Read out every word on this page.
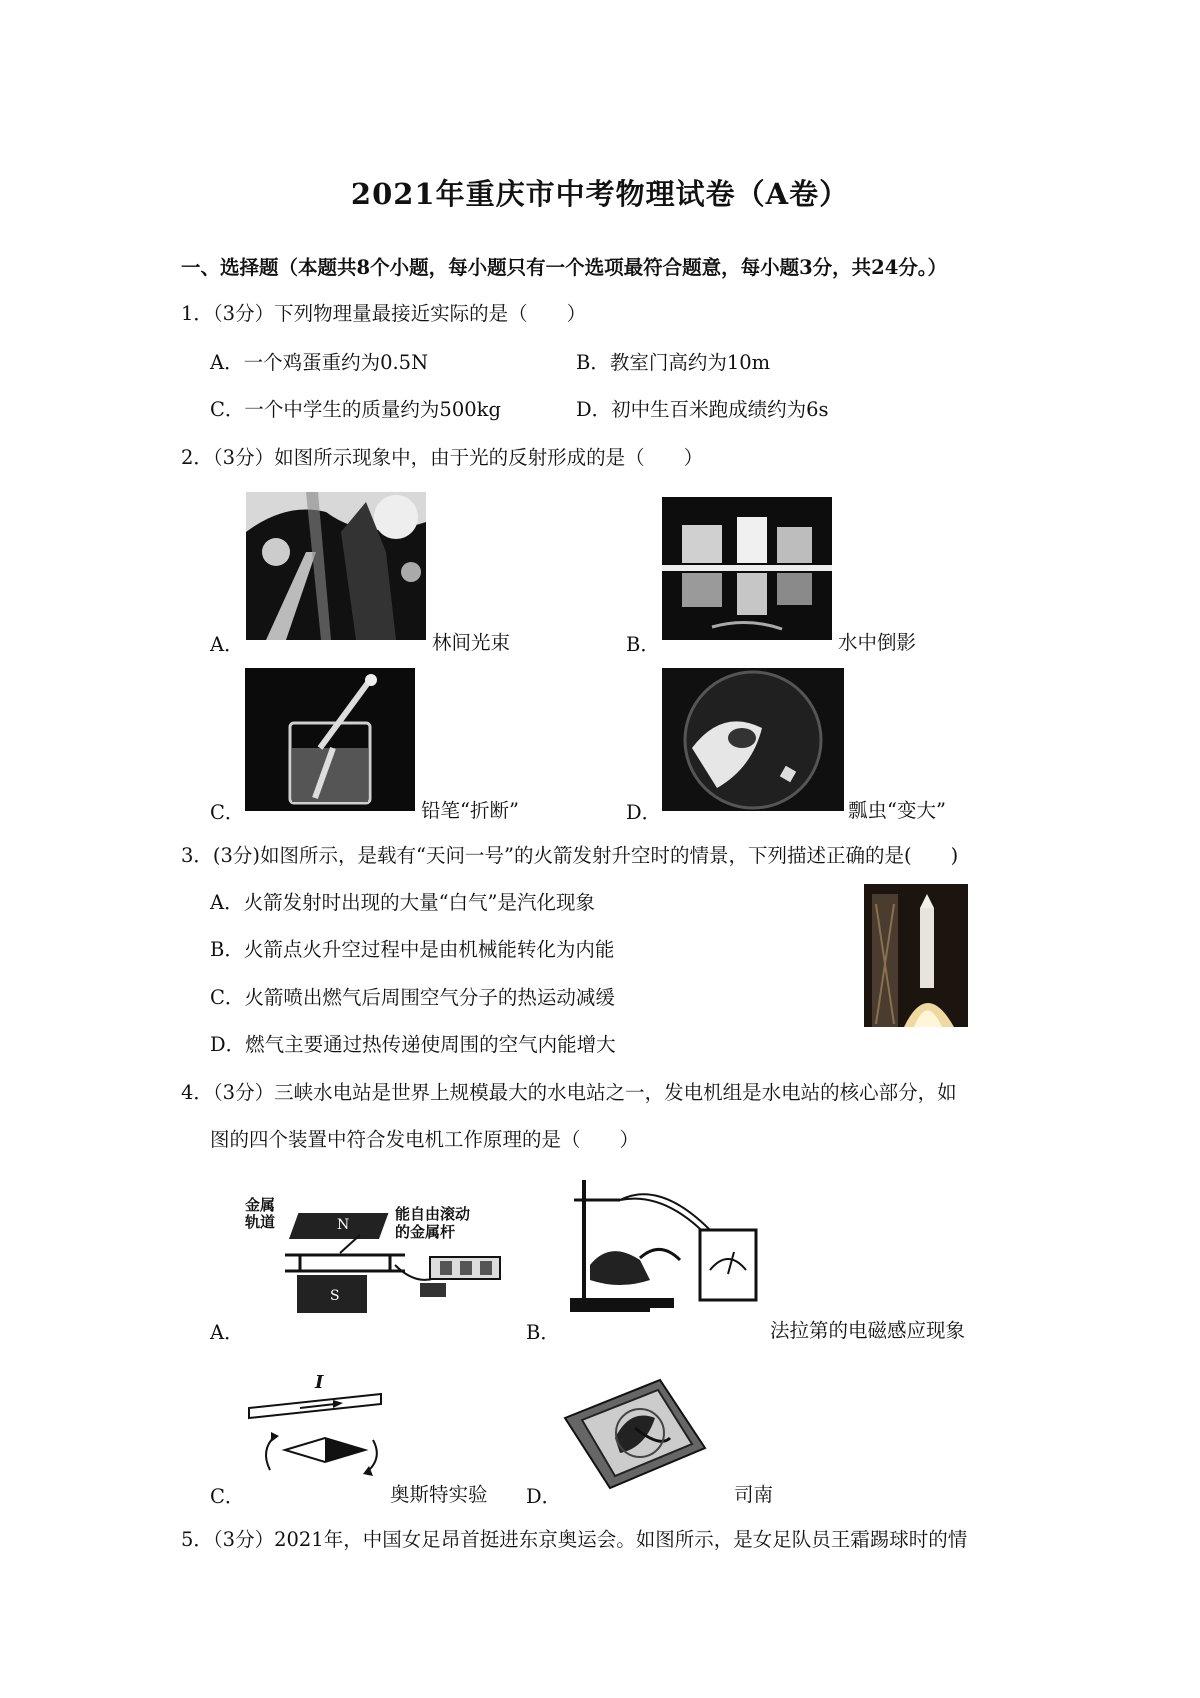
2021年重庆市中考物理试卷（A卷）
一、选择题（本题共8个小题，每小题只有一个选项最符合题意，每小题3分，共24分。）
1．（3分）下列物理量最接近实际的是（　　）
A．一个鸡蛋重约为0.5N	B．教室门高约为10m
C．一个中学生的质量约为500kg	D．初中生百米跑成绩约为6s
2．（3分）如图所示现象中，由于光的反射形成的是（　　）
A．	林间光束	B．	水中倒影
C．	铅笔“折断”	D．	瓢虫“变大”
3．(3分)如图所示，是载有“天问一号”的火箭发射升空时的情景，下列描述正确的是(　　)
A．火箭发射时出现的大量“白气”是汽化现象
B．火箭点火升空过程中是由机械能转化为内能
C．火箭喷出燃气后周围空气分子的热运动减缓
D．燃气主要通过热传递使周围的空气内能增大
4．（3分）三峡水电站是世界上规模最大的水电站之一，发电机组是水电站的核心部分，如
图的四个装置中符合发电机工作原理的是（　　）
金属
轨道	能自由滚动
的金属杆
N
S
A．	B．	法拉第的电磁感应现象
I
C．	奥斯特实验 D．	司南
5．（3分）2021年，中国女足昂首挺进东京奥运会。如图所示，是女足队员王霜踢球时的情
